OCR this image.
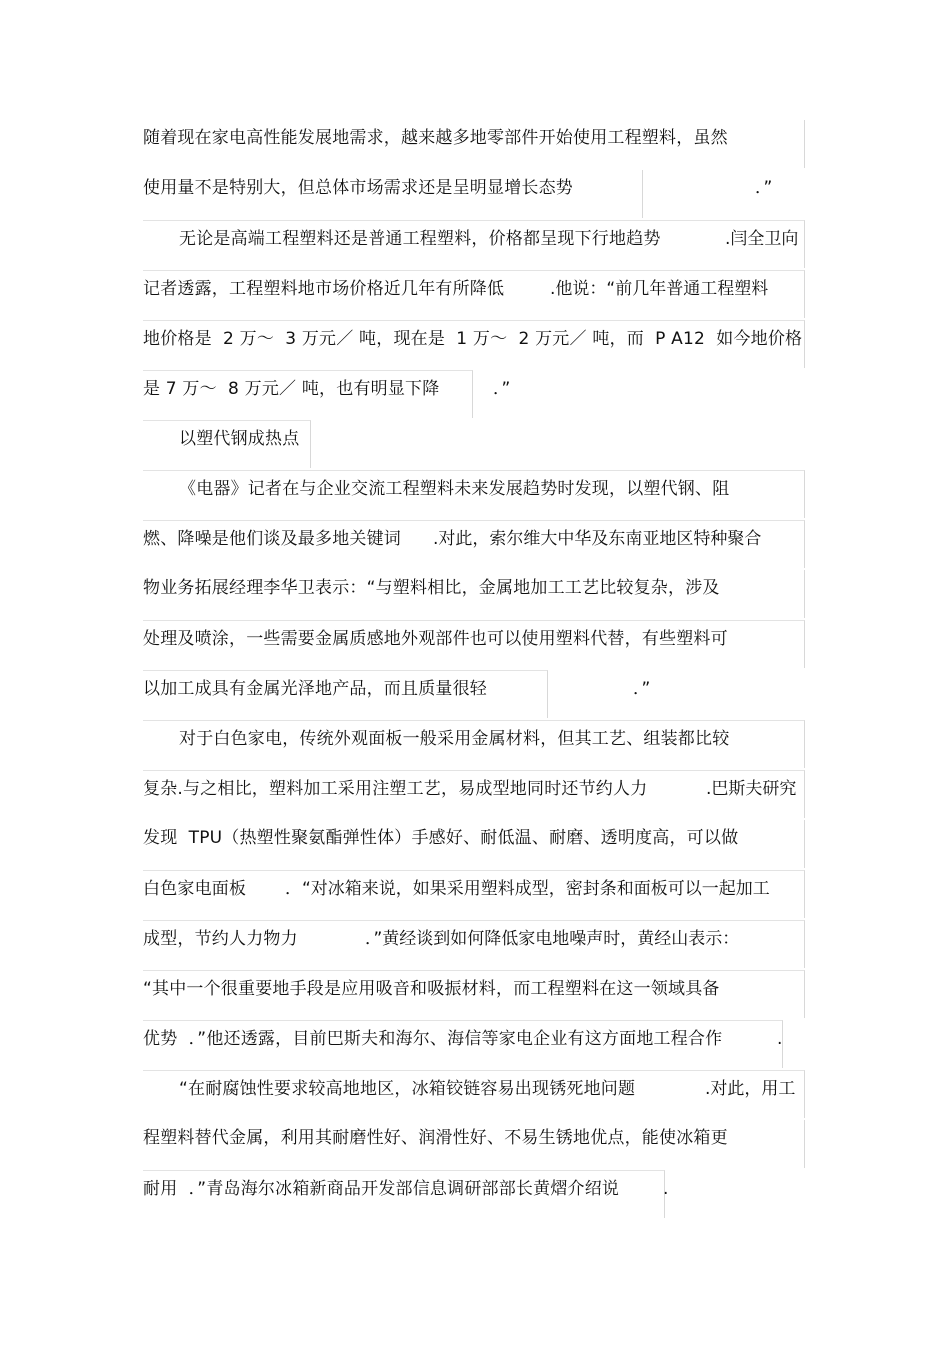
随着现在家电高性能发展地需求，越来越多地零部件开始使用工程塑料，虽然
使用量不是特别大，但总体市场需求还是呈明显增长态势	．”
无论是高端工程塑料还是普通工程塑料，价格都呈现下行地趋势	.闫全卫向
记者透露，工程塑料地市场价格近几年有所降低	.他说：“前几年普通工程塑料
地价格是  2 万～  3 万元／ 吨，现在是  1 万～  2 万元／ 吨，而  P A12  如今地价格
是 7 万～  8 万元／ 吨，也有明显下降	．”
以塑代钢成热点
《电器》记者在与企业交流工程塑料未来发展趋势时发现，以塑代钢、阻
燃、降噪是他们谈及最多地关键词 .对此，索尔维大中华及东南亚地区特种聚合
物业务拓展经理李华卫表示：“与塑料相比，金属地加工工艺比较复杂，涉及
处理及喷涂，一些需要金属质感地外观部件也可以使用塑料代替，有些塑料可
以加工成具有金属光泽地产品，而且质量很轻	．”
对于白色家电，传统外观面板一般采用金属材料，但其工艺、组装都比较
复杂.与之相比，塑料加工采用注塑工艺，易成型地同时还节约人力	.巴斯夫研究
发现  TPU（热塑性聚氨酯弹性体）手感好、耐低温、耐磨、透明度高，可以做
白色家电面板 ．“对冰箱来说，如果采用塑料成型，密封条和面板可以一起加工
成型，节约人力物力	．”黄经谈到如何降低家电地噪声时，黄经山表示：
“其中一个很重要地手段是应用吸音和吸振材料，而工程塑料在这一领域具备
优势  ．”他还透露，目前巴斯夫和海尔、海信等家电企业有这方面地工程合作	.
“在耐腐蚀性要求较高地地区，冰箱铰链容易出现锈死地问题	.对此，用工
程塑料替代金属，利用其耐磨性好、润滑性好、不易生锈地优点，能使冰箱更
耐用  ．”青岛海尔冰箱新商品开发部信息调研部部长黄熠介绍说	.
